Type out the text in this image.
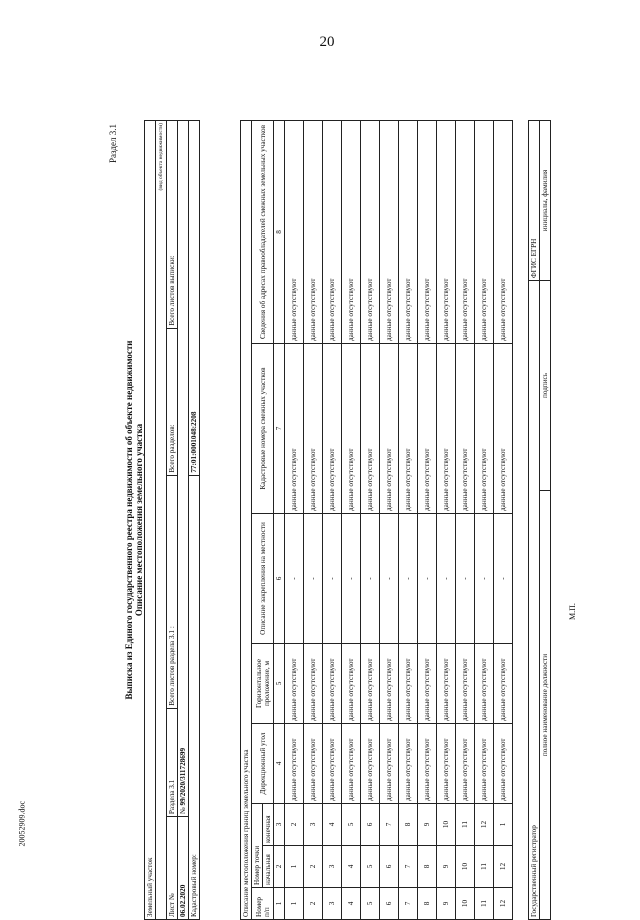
20
20052909.doc
Раздел 3.1
Выписка из Единого государственного реестра недвижимости об объекте недвижимости Описание местоположения земельного участка
Земельный участок				
(вид объекта недвижимости)				
Лист №	Раздела 3.1	Всего листов раздела 3.1 :	Всего разделов:	Всего листов выписки:
06.02.2020	№ 99/2020/311728699			
Кадастровый номер:			77:01:0001048:2208	
Описание местоположения границ земельного участка							
Номер п/п	Номер точки		Дирекционный угол	Горизонтальное проложение, м	Описание закрепления на местности	Кадастровые номера смежных участков	Сведения об адресах правообладателей смежных земельных участков
	начальная	конечная					
1	2	3	4	5	6	7	8
1	1	2	данные отсутствуют	данные отсутствуют	-	данные отсутствуют	данные отсутствуют
2	2	3	данные отсутствуют	данные отсутствуют	-	данные отсутствуют	данные отсутствуют
3	3	4	данные отсутствуют	данные отсутствуют	-	данные отсутствуют	данные отсутствуют
4	4	5	данные отсутствуют	данные отсутствуют	-	данные отсутствуют	данные отсутствуют
5	5	6	данные отсутствуют	данные отсутствуют	-	данные отсутствуют	данные отсутствуют
6	6	7	данные отсутствуют	данные отсутствуют	-	данные отсутствуют	данные отсутствуют
7	7	8	данные отсутствуют	данные отсутствуют	-	данные отсутствуют	данные отсутствуют
8	8	9	данные отсутствуют	данные отсутствуют	-	данные отсутствуют	данные отсутствуют
9	9	10	данные отсутствуют	данные отсутствуют	-	данные отсутствуют	данные отсутствуют
10	10	11	данные отсутствуют	данные отсутствуют	-	данные отсутствуют	данные отсутствуют
11	11	12	данные отсутствуют	данные отсутствуют	-	данные отсутствуют	данные отсутствуют
12	12	1	данные отсутствуют	данные отсутствуют	-	данные отсутствуют	данные отсутствуют
Государственный регистратор		ФГИС ЕГРН
полное наименование должности	подпись	инициалы, фамилия
М.П.
